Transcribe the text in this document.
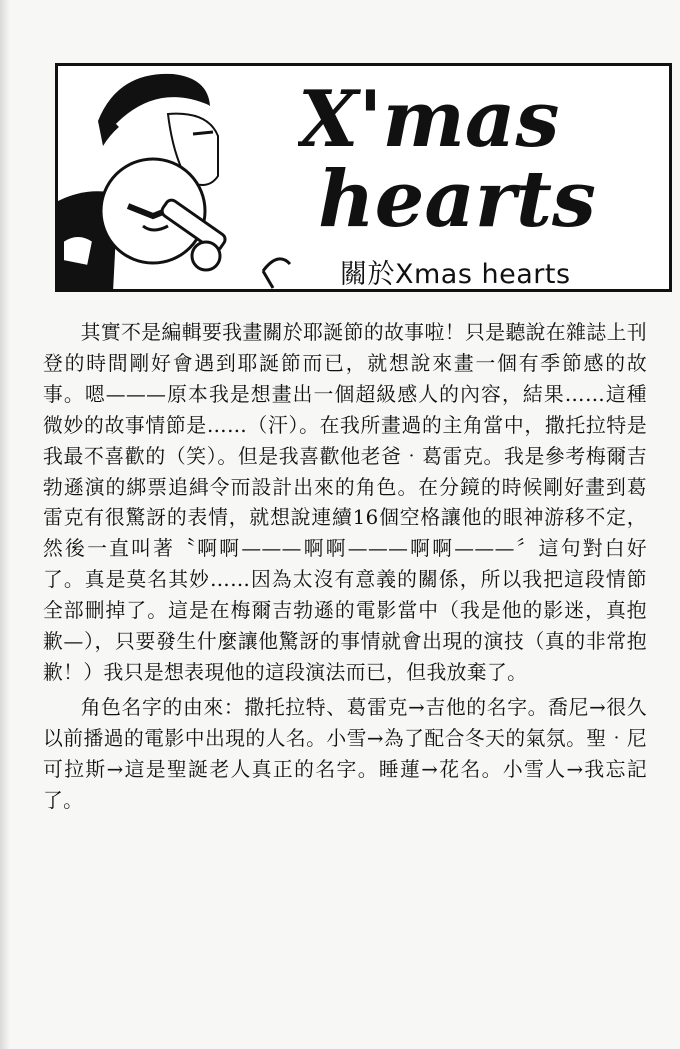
X'mas
hearts
關於Xmas hearts

其實不是編輯要我畫關於耶誕節的故事啦！只是聽說在雜誌上刊登的時間剛好會遇到耶誕節而已，就想說來畫一個有季節感的故事。嗯———原本我是想畫出一個超級感人的內容，結果……這種微妙的故事情節是……（汗）。在我所畫過的主角當中，撒托拉特是我最不喜歡的（笑）。但是我喜歡他老爸‧葛雷克。我是參考梅爾吉勃遜演的綁票追緝令而設計出來的角色。在分鏡的時候剛好畫到葛雷克有很驚訝的表情，就想說連續16個空格讓他的眼神游移不定，然後一直叫著〝啊啊———啊啊———啊啊———〞這句對白好了。真是莫名其妙……因為太沒有意義的關係，所以我把這段情節全部刪掉了。這是在梅爾吉勃遜的電影當中（我是他的影迷，真抱歉—），只要發生什麼讓他驚訝的事情就會出現的演技（真的非常抱歉！）我只是想表現他的這段演法而已，但我放棄了。

角色名字的由來：撒托拉特、葛雷克→吉他的名字。喬尼→很久以前播過的電影中出現的人名。小雪→為了配合冬天的氣氛。聖‧尼可拉斯→這是聖誕老人真正的名字。睡蓮→花名。小雪人→我忘記了。
